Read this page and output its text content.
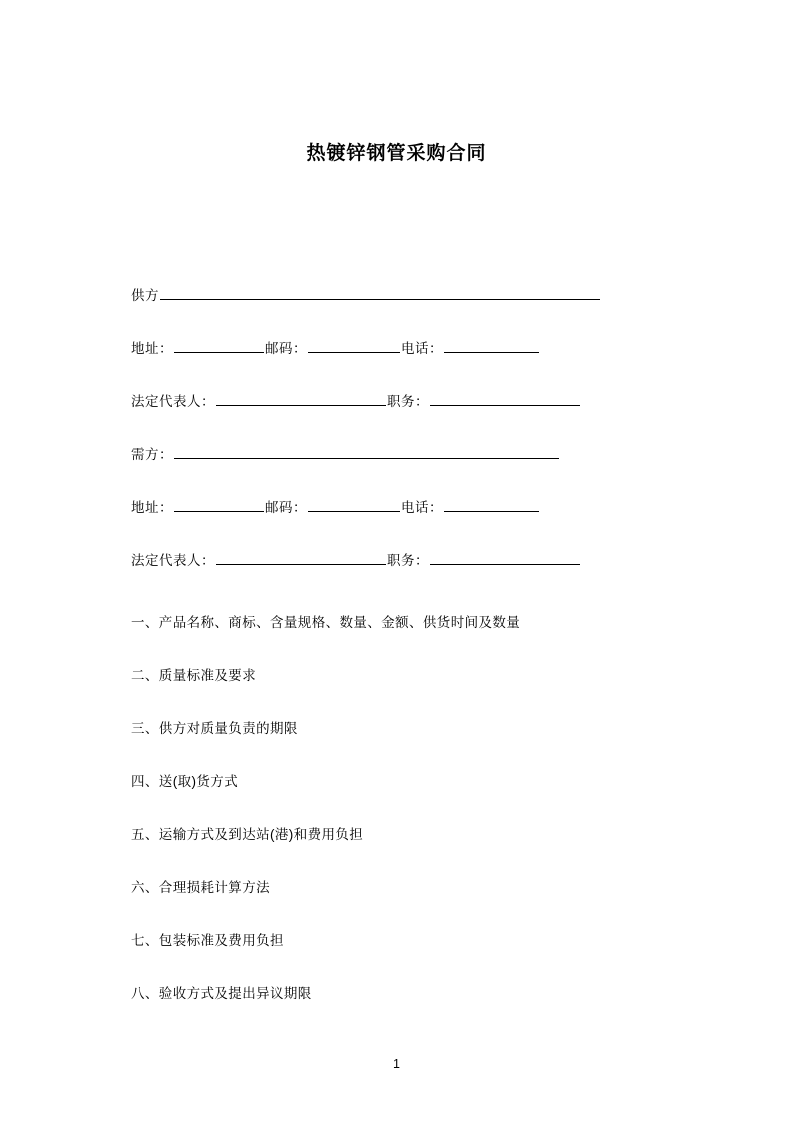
热镀锌钢管采购合同
供方
地址：	邮码：	电话：
法定代表人：	职务：
需方：
地址：	邮码：	电话：
法定代表人：	职务：
一、产品名称、商标、含量规格、数量、金额、供货时间及数量
二、质量标准及要求
三、供方对质量负责的期限
四、送(取)货方式
五、运输方式及到达站(港)和费用负担
六、合理损耗计算方法
七、包装标准及费用负担
八、验收方式及提出异议期限
1
